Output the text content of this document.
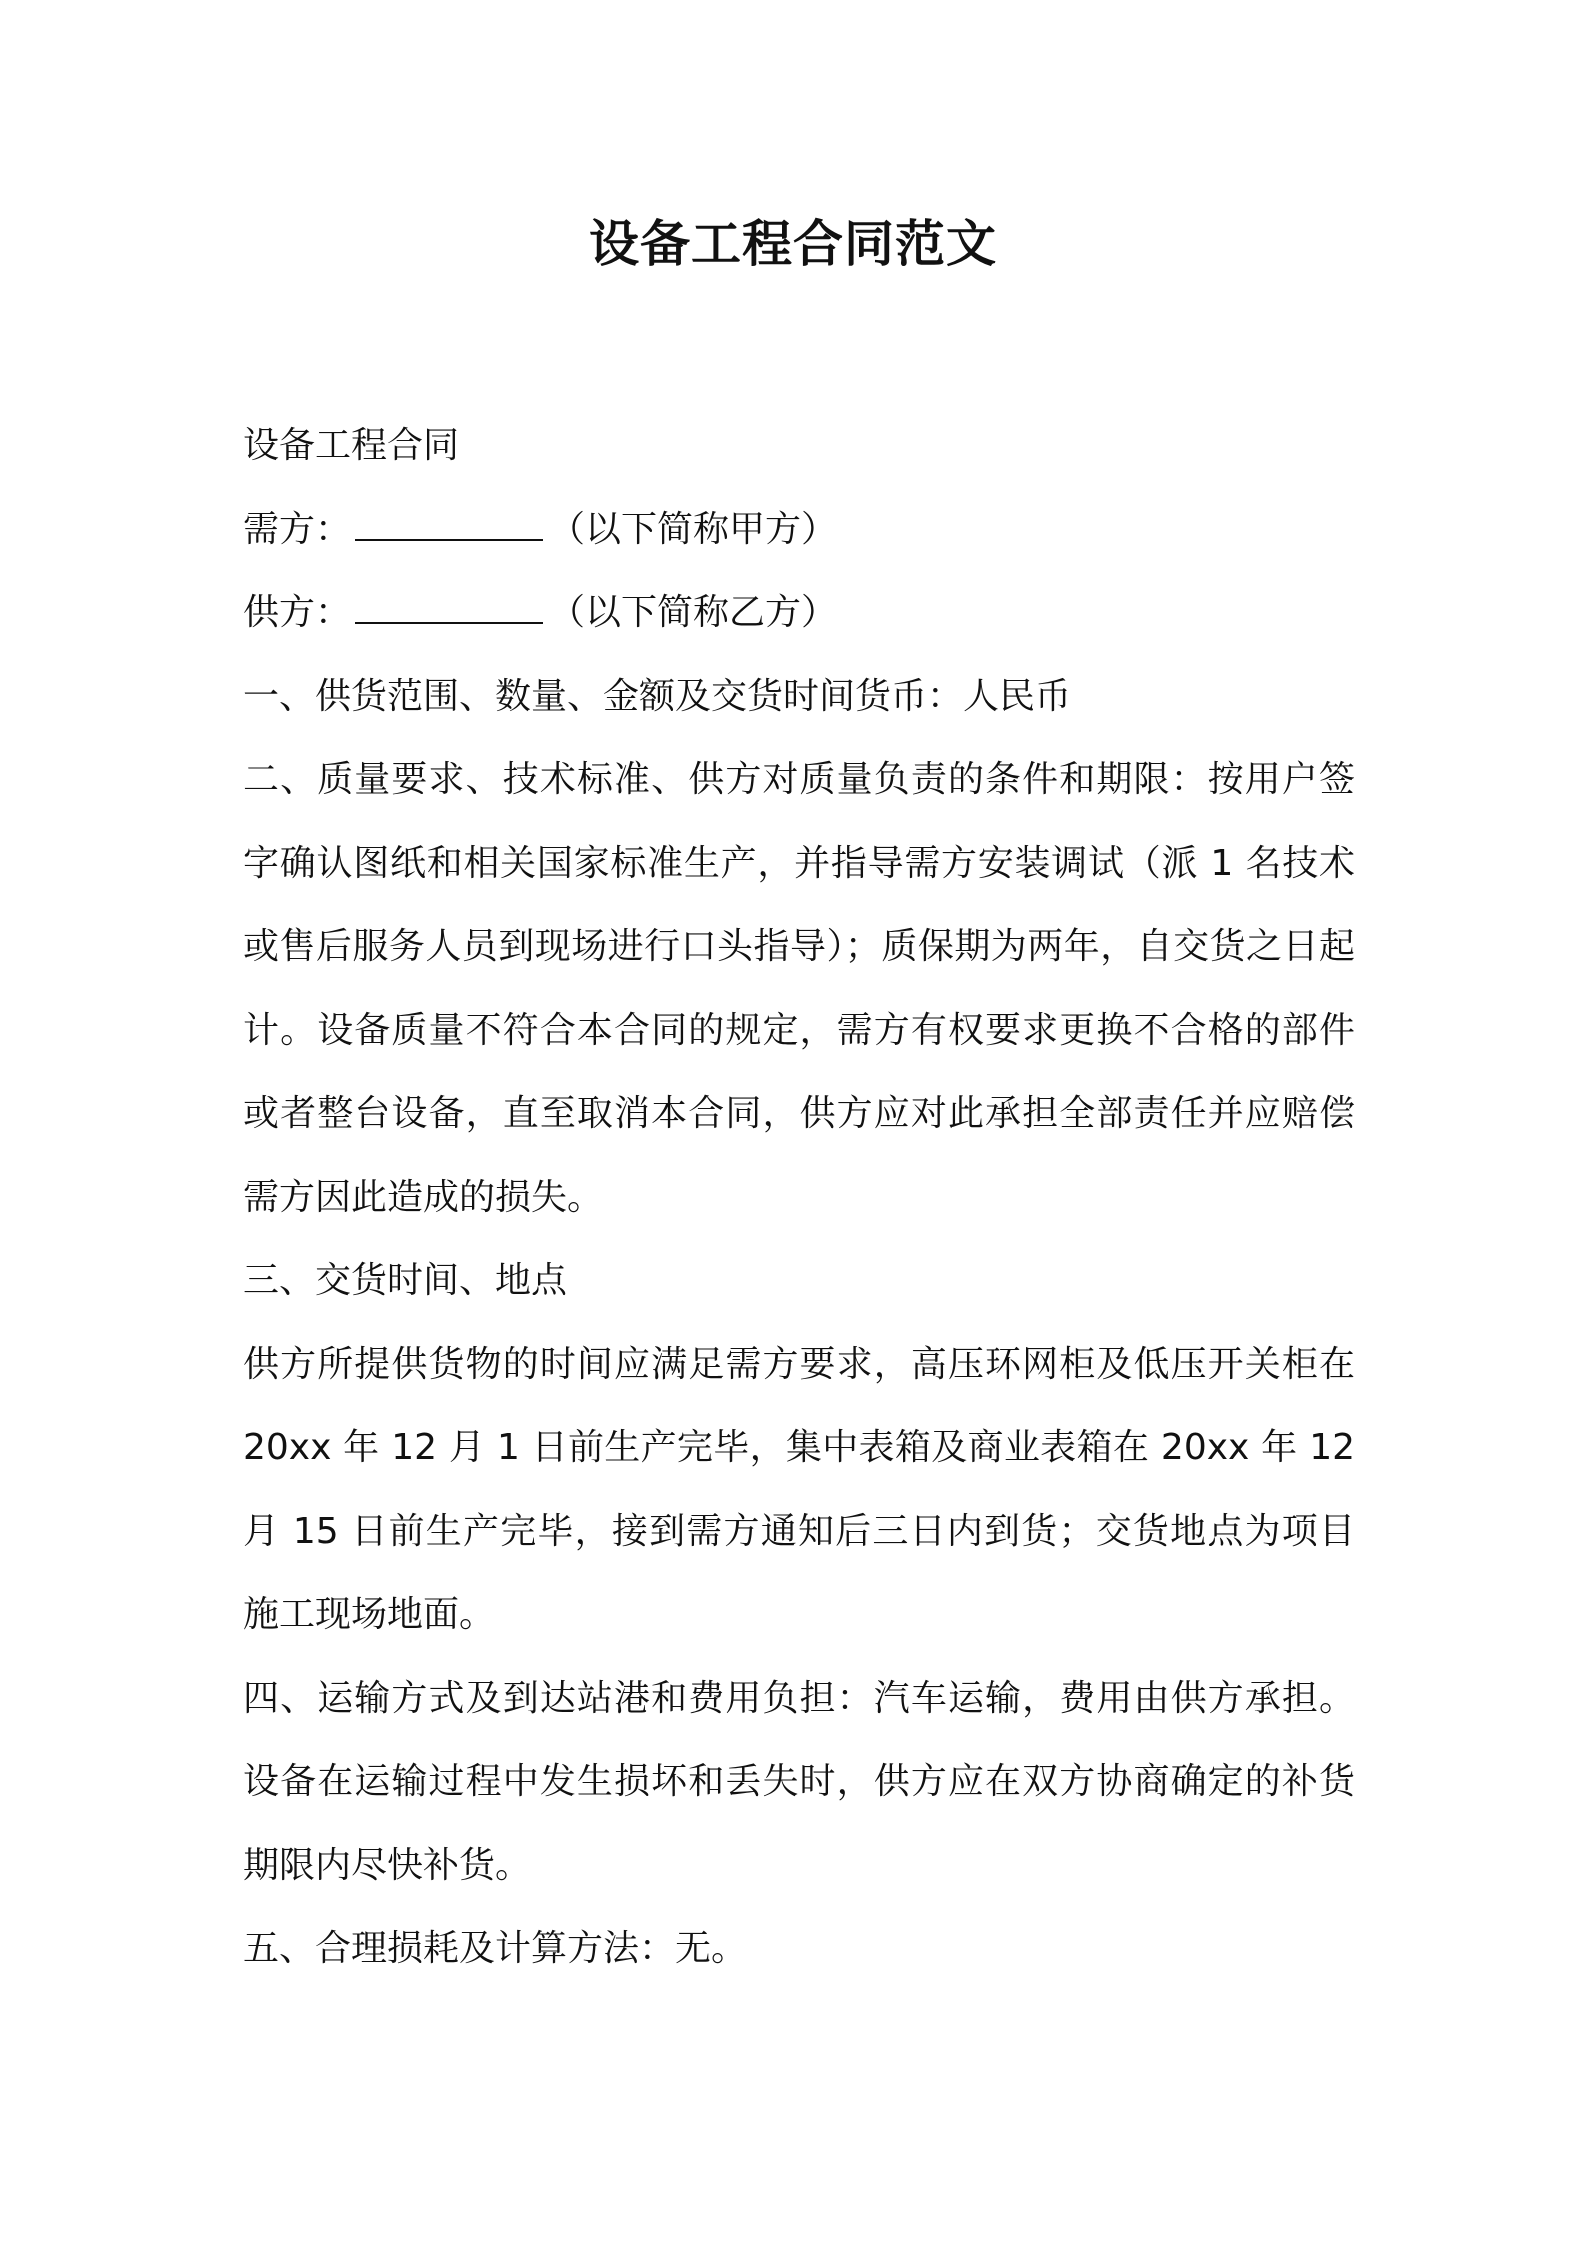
设备工程合同范文

设备工程合同

需方：	（以下简称甲方）

供方：	（以下简称乙方）

一、供货范围、数量、金额及交货时间货币：人民币

二、质量要求、技术标准、供方对质量负责的条件和期限：按用户签字确认图纸和相关国家标准生产，并指导需方安装调试（派 1 名技术或售后服务人员到现场进行口头指导）；质保期为两年，自交货之日起计。设备质量不符合本合同的规定，需方有权要求更换不合格的部件或者整台设备，直至取消本合同，供方应对此承担全部责任并应赔偿需方因此造成的损失。

三、交货时间、地点

供方所提供货物的时间应满足需方要求，高压环网柜及低压开关柜在 20xx 年 12 月 1 日前生产完毕，集中表箱及商业表箱在 20xx 年 12 月 15 日前生产完毕，接到需方通知后三日内到货；交货地点为项目施工现场地面。

四、运输方式及到达站港和费用负担：汽车运输，费用由供方承担。设备在运输过程中发生损坏和丢失时，供方应在双方协商确定的补货期限内尽快补货。

五、合理损耗及计算方法：无。
